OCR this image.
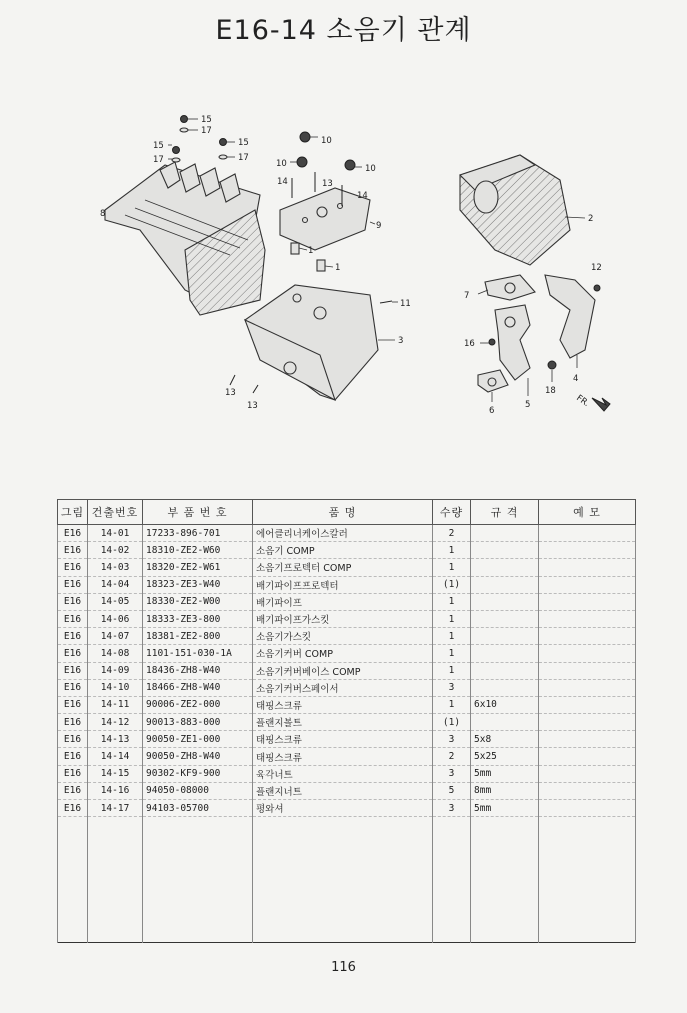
E16-14 소음기 관계
15
17
15
17
15
17
8
10
10	10
14	13
14
9
1
1
11
3
13
13
2
12
7
16
18
4
5
6
FR.
그림	건출번호	부 품 번 호	품 명	수량	규 격	예 모
E16	14-01	17233-896-701	에어클리너케이스칼러	2		
E16	14-02	18310-ZE2-W60	소음기 COMP	1		
E16	14-03	18320-ZE2-W61	소음기프로텍터 COMP	1		
E16	14-04	18323-ZE3-W40	배기파이프프로텍터	(1)		
E16	14-05	18330-ZE2-W00	배기파이프	1		
E16	14-06	18333-ZE3-800	배기파이프가스킷	1		
E16	14-07	18381-ZE2-800	소음기가스킷	1		
E16	14-08	1101-151-030-1A	소음기커버 COMP	1		
E16	14-09	18436-ZH8-W40	소음기커버베이스 COMP	1		
E16	14-10	18466-ZH8-W40	소음기커버스페이서	3		
E16	14-11	90006-ZE2-000	태핑스크류	1	6x10	
E16	14-12	90013-883-000	플랜지볼트	(1)		
E16	14-13	90050-ZE1-000	태핑스크류	3	5x8	
E16	14-14	90050-ZH8-W40	태핑스크류	2	5x25	
E16	14-15	90302-KF9-900	육각너트	3	5mm	
E16	14-16	94050-08000	플랜지너트	5	8mm	
E16	14-17	94103-05700	평와셔	3	5mm	

116
